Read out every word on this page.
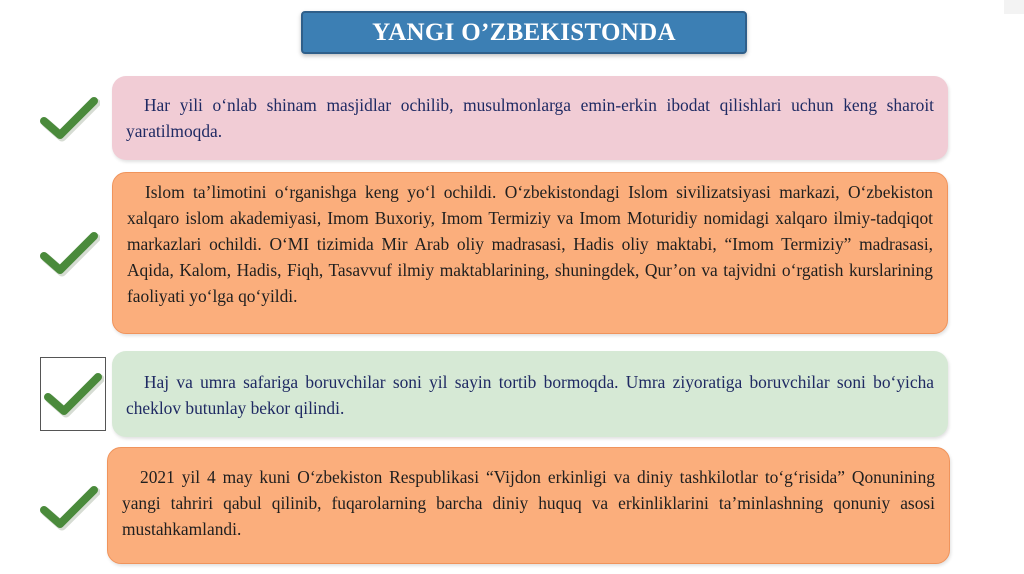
YANGI O’ZBEKISTONDA

Har yili o‘nlab shinam masjidlar ochilib, musulmonlarga emin-erkin ibodat qilishlari uchun keng sharoit yaratilmoqda.

Islom ta’limotini o‘rganishga keng yo‘l ochildi. O‘zbekistondagi Islom sivilizatsiyasi markazi, O‘zbekiston xalqaro islom akademiyasi, Imom Buxoriy, Imom Termiziy va Imom Moturidiy nomidagi xalqaro ilmiy-tadqiqot markazlari ochildi. O‘MI tizimida Mir Arab oliy madrasasi, Hadis oliy maktabi, “Imom Termiziy” madrasasi, Aqida, Kalom, Hadis, Fiqh, Tasavvuf ilmiy maktablarining, shuningdek, Qur’on va tajvidni o‘rgatish kurslarining faoliyati yo‘lga qo‘yildi.

Haj va umra safariga boruvchilar soni yil sayin tortib bormoqda. Umra ziyoratiga boruvchilar soni bo‘yicha cheklov butunlay bekor qilindi.

2021 yil 4 may kuni O‘zbekiston Respublikasi “Vijdon erkinligi va diniy tashkilotlar to‘g‘risida” Qonunining yangi tahriri qabul qilinib, fuqarolarning barcha diniy huquq va erkinliklarini ta’minlashning qonuniy asosi mustahkamlandi.
